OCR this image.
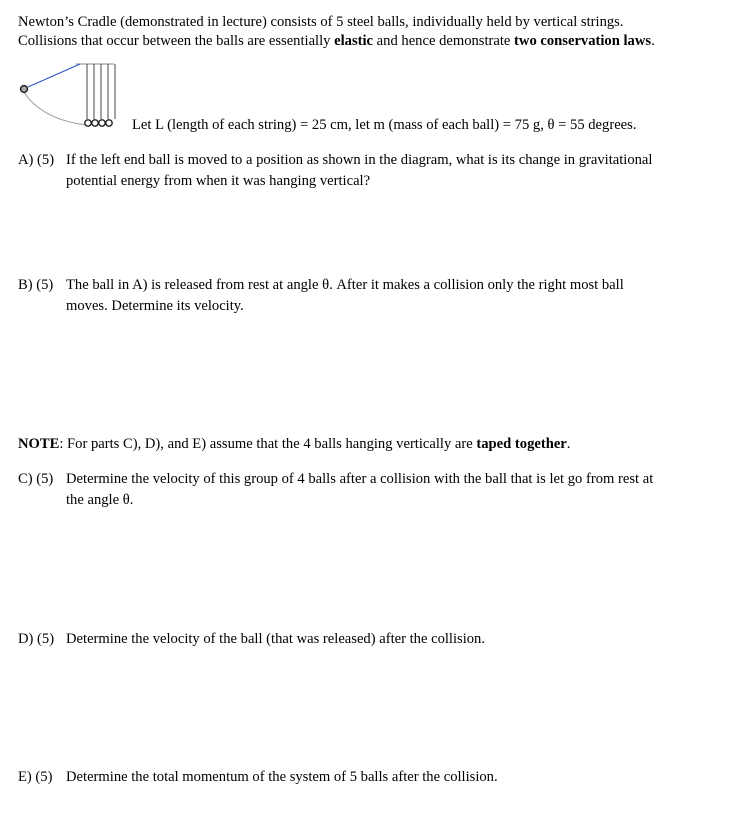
Newton’s Cradle (demonstrated in lecture) consists of 5 steel balls, individually held by vertical strings.
Collisions that occur between the balls are essentially elastic and hence demonstrate two conservation laws.
Let L (length of each string) = 25 cm, let m (mass of each ball) = 75 g, θ = 55 degrees.
A) (5) If the left end ball is moved to a position as shown in the diagram, what is its change in gravitational
potential energy from when it was hanging vertical?
B) (5) The ball in A) is released from rest at angle θ. After it makes a collision only the right most ball
moves. Determine its velocity.
NOTE: For parts C), D), and E) assume that the 4 balls hanging vertically are taped together.
C) (5) Determine the velocity of this group of 4 balls after a collision with the ball that is let go from rest at
the angle θ.
D) (5) Determine the velocity of the ball (that was released) after the collision.
E) (5) Determine the total momentum of the system of 5 balls after the collision.
